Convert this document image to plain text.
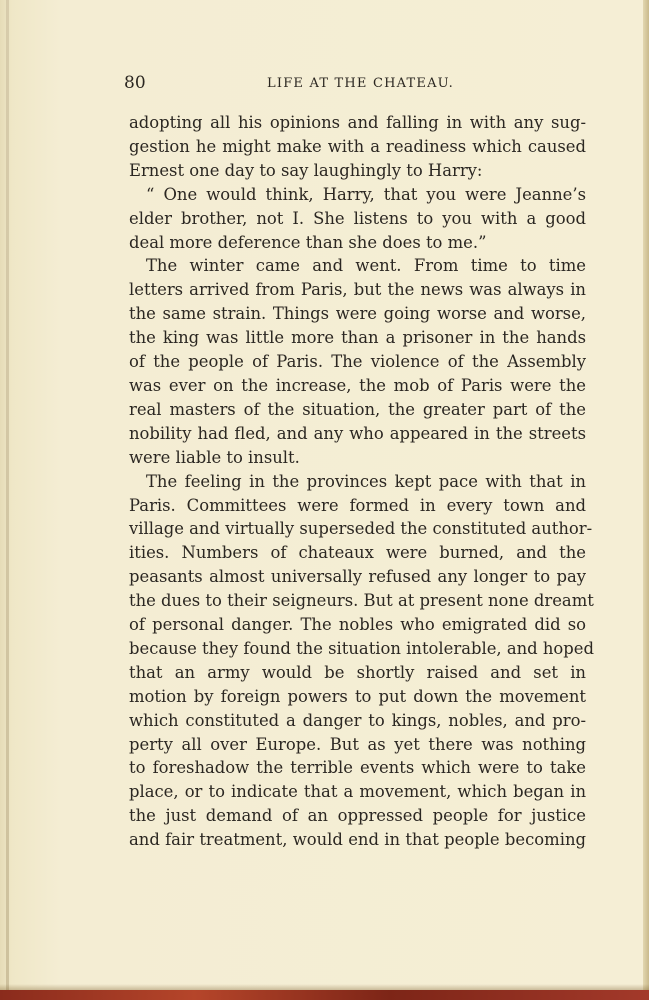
80	LIFE AT THE CHATEAU.
adopting all his opinions and falling in with any sug-
gestion he might make with a readiness which caused
Ernest one day to say laughingly to Harry:
“ One would think, Harry, that you were Jeanne’s
elder brother, not I. She listens to you with a good
deal more deference than she does to me.”
The winter came and went. From time to time
letters arrived from Paris, but the news was always in
the same strain. Things were going worse and worse,
the king was little more than a prisoner in the hands
of the people of Paris. The violence of the Assembly
was ever on the increase, the mob of Paris were the
real masters of the situation, the greater part of the
nobility had fled, and any who appeared in the streets
were liable to insult.
The feeling in the provinces kept pace with that in
Paris. Committees were formed in every town and
village and virtually superseded the constituted author-
ities. Numbers of chateaux were burned, and the
peasants almost universally refused any longer to pay
the dues to their seigneurs. But at present none dreamt
of personal danger. The nobles who emigrated did so
because they found the situation intolerable, and hoped
that an army would be shortly raised and set in
motion by foreign powers to put down the movement
which constituted a danger to kings, nobles, and pro-
perty all over Europe. But as yet there was nothing
to foreshadow the terrible events which were to take
place, or to indicate that a movement, which began in
the just demand of an oppressed people for justice
and fair treatment, would end in that people becoming
